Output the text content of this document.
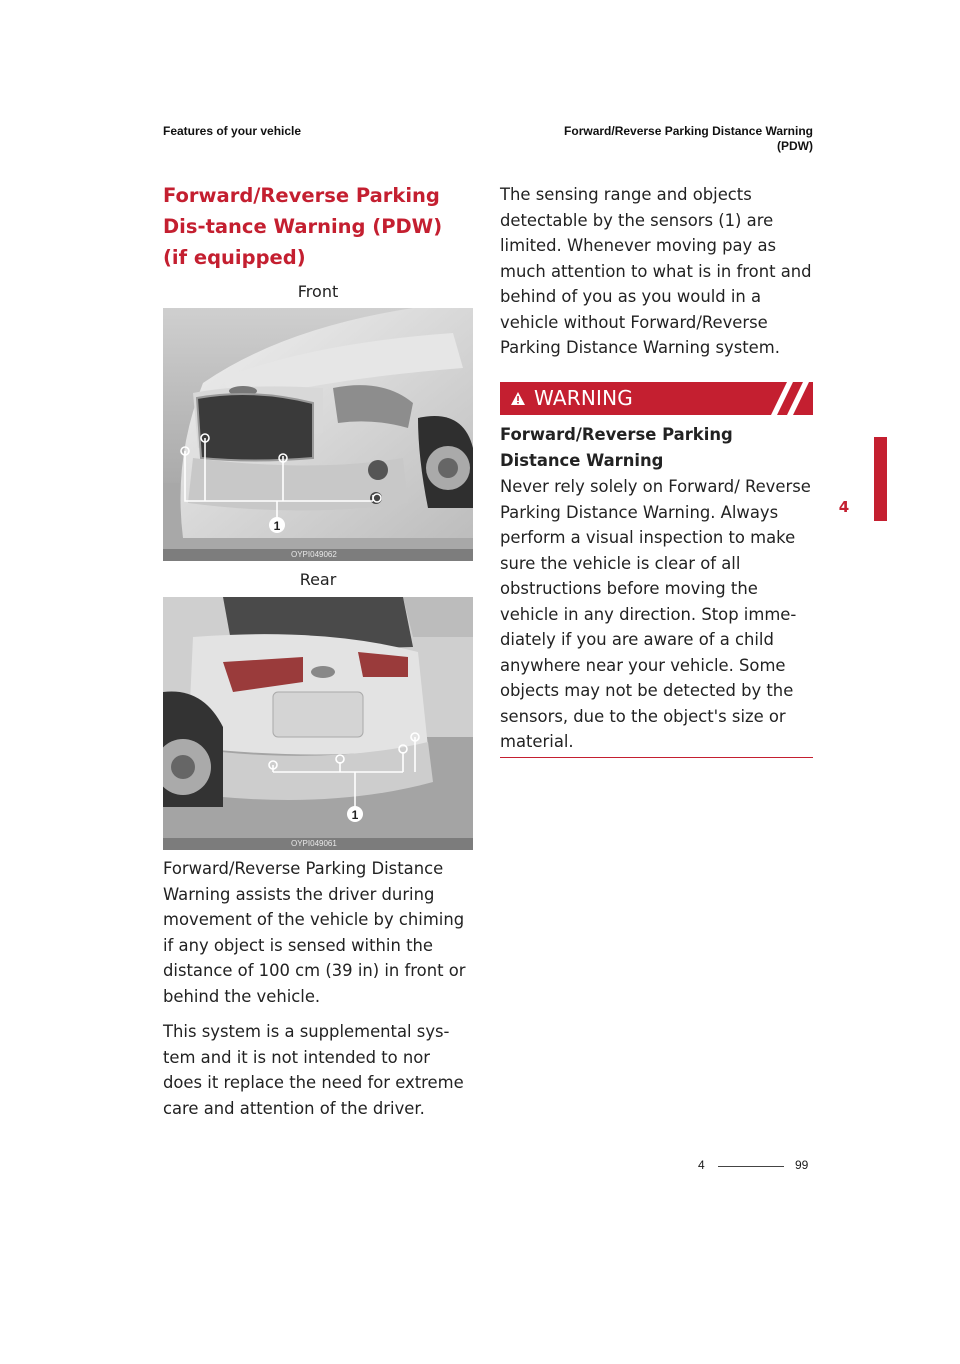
Features of your vehicle	Forward/Reverse Parking Distance Warning
(PDW)
Forward/Reverse Parking Dis-tance Warning (PDW) (if equipped)
Front
1
OYPI049062
Rear
1
OYPI049061

Forward/Reverse Parking Distance Warning assists the driver during movement of the vehicle by chiming if any object is sensed within the distance of 100 cm (39 in) in front or behind the vehicle.

This system is a supplemental sys-tem and it is not intended to nor does it replace the need for extreme care and attention of the driver.

The sensing range and objects detectable by the sensors (1) are limited. Whenever moving pay as much attention to what is in front and behind of you as you would in a vehicle without Forward/Reverse Parking Distance Warning system.

WARNING
Forward/Reverse Parking Distance Warning

Never rely solely on Forward/ Reverse Parking Distance Warning. Always perform a visual inspection to make sure the vehicle is clear of all obstructions before moving the vehicle in any direction. Stop imme-diately if you are aware of a child anywhere near your vehicle. Some objects may not be detected by the sensors, due to the object's size or material.

4
4	99
